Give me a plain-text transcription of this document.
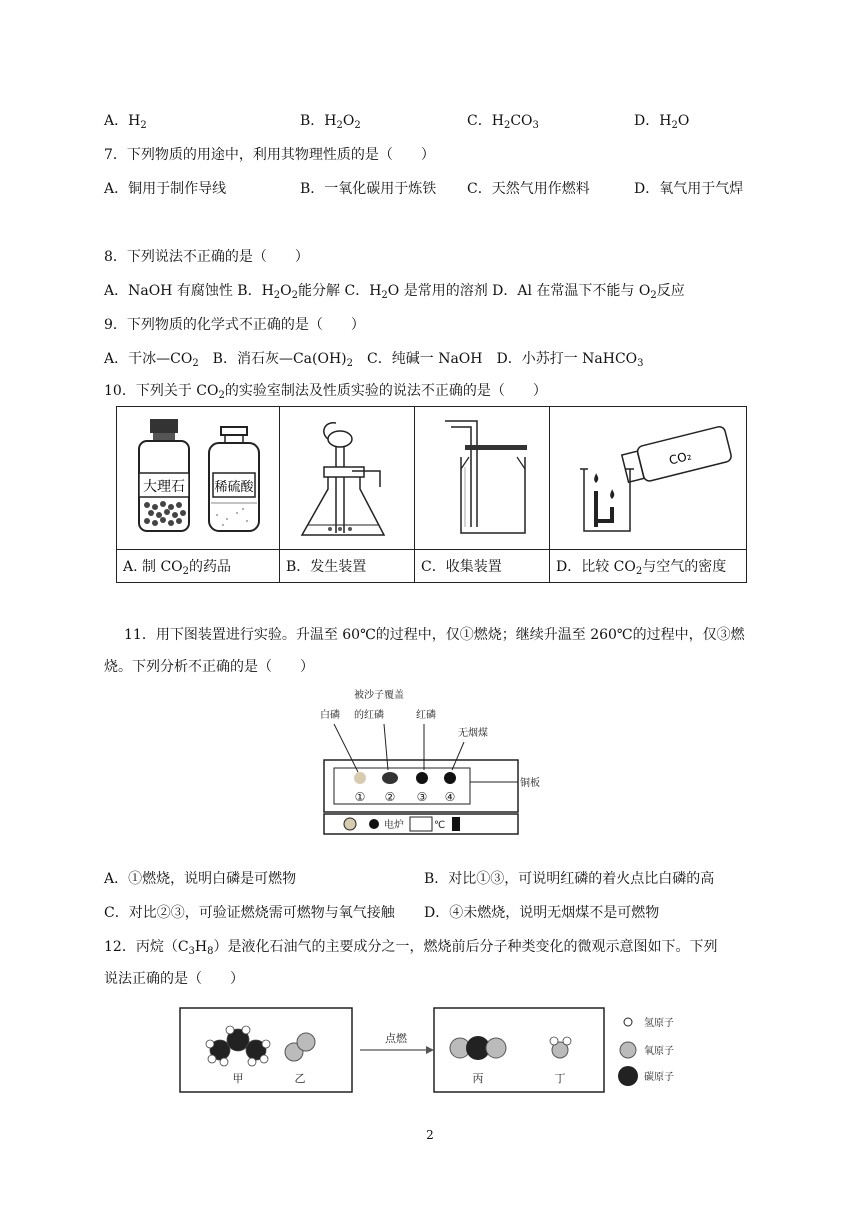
A．$H_2$	B．$H_2O_2$	C．$H_2CO_3$	D．$H_2O$
7．下列物质的用途中，利用其物理性质的是（　　）
A．铜用于制作导线	B．一氧化碳用于炼铁 C．天然气用作燃料	D．氧气用于气焊
8．下列说法不正确的是（　　）
A．NaOH 有腐蚀性 B．$H_2O_2$能分解 C．$H_2O$ 是常用的溶剂 D．Al 在常温下不能与 $O_2$反应
9．下列物质的化学式不正确的是（　　）
A．干冰$—CO_2$　B．消石灰$—Ca(OH)_2$　C．纯碱一 NaOH　D．小苏打一 NaHCO$_3$
10．下列关于 $CO_2$的实验室制法及性质实验的说法不正确的是（　　）
大理石 稀硫酸			CO₂

A. 制 $CO_2$的药品	B．发生装置	C．收集装置	D．比较 $CO_2$与空气的密度
11．用下图装置进行实验。升温至 60℃的过程中，仅①燃烧；继续升温至 260℃的过程中，仅③燃
烧。下列分析不正确的是（　　）
被沙子覆盖
的红磷
白磷	红磷
无烟煤
铜板
① ② ③ ④
电炉	℃
A．①燃烧，说明白磷是可燃物	B．对比①③，可说明红磷的着火点比白磷的高
C．对比②③，可验证燃烧需可燃物与氧气接触 D．④未燃烧，说明无烟煤不是可燃物
12．丙烷$(C_3H_8)$是液化石油气的主要成分之一，燃烧前后分子种类变化的微观示意图如下。下列
说法正确的是（　　）
甲	乙
点燃
丙	丁
氢原子
氧原子
碳原子
2
